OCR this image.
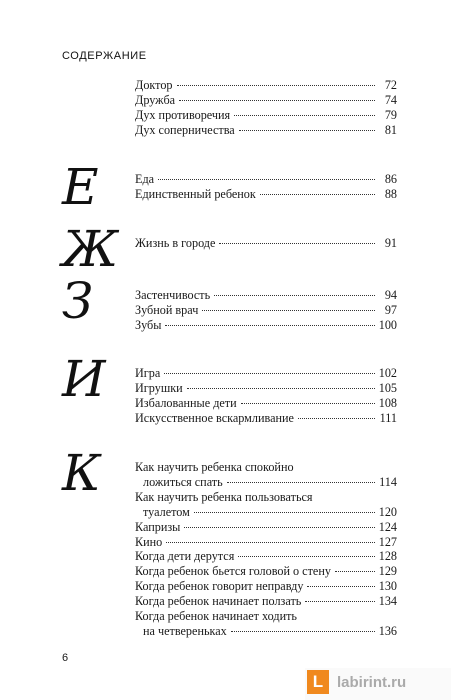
СОДЕРЖАНИЕ
Доктор	72
Дружба	74
Дух противоречия	79
Дух соперничества	81
Е	Еда	86
Единственный ребенок	88
Ж Жизнь в городе	91
З	Застенчивость	94
Зубной врач	97
Зубы	100
И Игра	102
Игрушки	105
Избалованные дети	108
Искусственное вскармливание	111
К	Как научить ребенка спокойно
ложиться спать	114
Как научить ребенка пользоваться
туалетом	120
Капризы	124
Кино	127
Когда дети дерутся	128
Когда ребенок бьется головой о стену	129
Когда ребенок говорит неправду	130
Когда ребенок начинает ползать	134
Когда ребенок начинает ходить
на четвереньках	136
6
L labirint.ru
